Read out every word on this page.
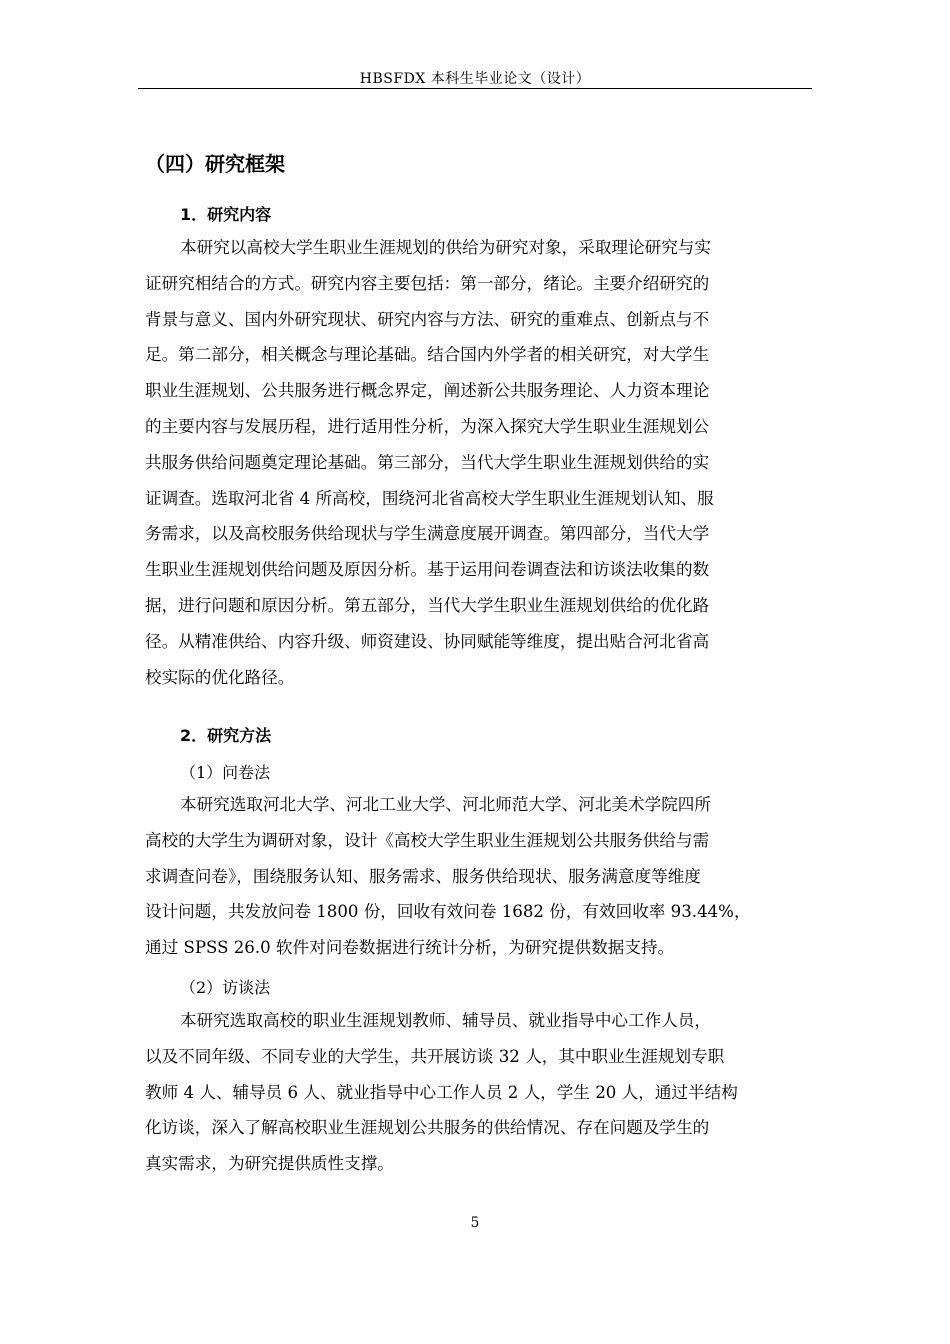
HBSFDX 本科生毕业论文（设计）
（四）研究框架
1．研究内容
本研究以高校大学生职业生涯规划的供给为研究对象，采取理论研究与实
证研究相结合的方式。研究内容主要包括：第一部分，绪论。主要介绍研究的
背景与意义、国内外研究现状、研究内容与方法、研究的重难点、创新点与不
足。第二部分，相关概念与理论基础。结合国内外学者的相关研究，对大学生
职业生涯规划、公共服务进行概念界定，阐述新公共服务理论、人力资本理论
的主要内容与发展历程，进行适用性分析，为深入探究大学生职业生涯规划公
共服务供给问题奠定理论基础。第三部分，当代大学生职业生涯规划供给的实
证调查。选取河北省 4 所高校，围绕河北省高校大学生职业生涯规划认知、服
务需求，以及高校服务供给现状与学生满意度展开调查。第四部分，当代大学
生职业生涯规划供给问题及原因分析。基于运用问卷调查法和访谈法收集的数
据，进行问题和原因分析。第五部分，当代大学生职业生涯规划供给的优化路
径。从精准供给、内容升级、师资建设、协同赋能等维度，提出贴合河北省高
校实际的优化路径。
2．研究方法
（1）问卷法
本研究选取河北大学、河北工业大学、河北师范大学、河北美术学院四所
高校的大学生为调研对象，设计《高校大学生职业生涯规划公共服务供给与需
求调查问卷》，围绕服务认知、服务需求、服务供给现状、服务满意度等维度
设计问题，共发放问卷 1800 份，回收有效问卷 1682 份，有效回收率 93.44%，
通过 SPSS 26.0 软件对问卷数据进行统计分析，为研究提供数据支持。
（2）访谈法
本研究选取高校的职业生涯规划教师、辅导员、就业指导中心工作人员，
以及不同年级、不同专业的大学生，共开展访谈 32 人，其中职业生涯规划专职
教师 4 人、辅导员 6 人、就业指导中心工作人员 2 人，学生 20 人，通过半结构
化访谈，深入了解高校职业生涯规划公共服务的供给情况、存在问题及学生的
真实需求，为研究提供质性支撑。
5
